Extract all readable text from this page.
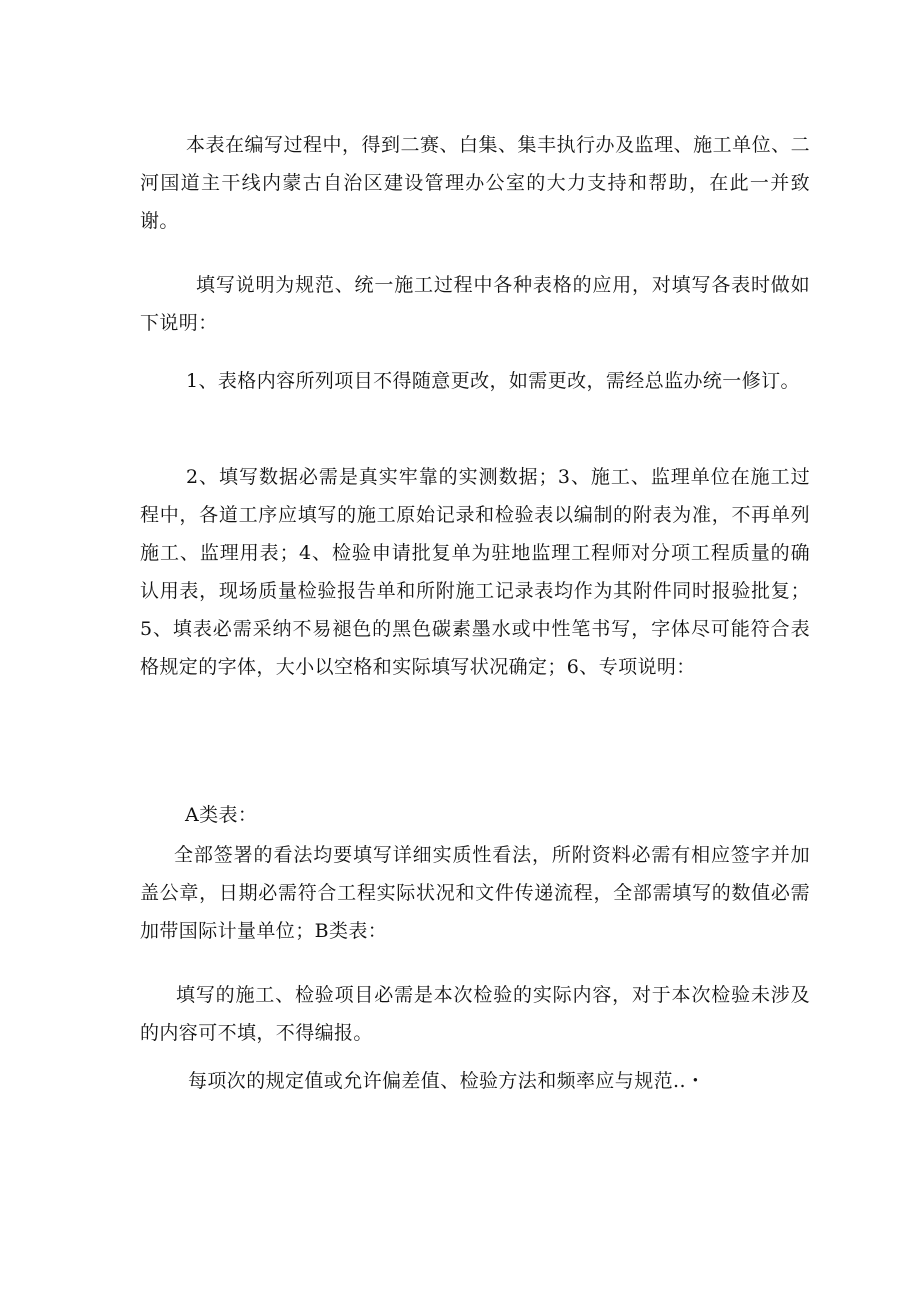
本表在编写过程中，得到二赛、白集、集丰执行办及监理、施工单位、二河国道主干线内蒙古自治区建设管理办公室的大力支持和帮助，在此一并致谢。

填写说明为规范、统一施工过程中各种表格的应用，对填写各表时做如下说明：

1、表格内容所列项目不得随意更改，如需更改，需经总监办统一修订。

2、填写数据必需是真实牢靠的实测数据；3、施工、监理单位在施工过程中，各道工序应填写的施工原始记录和检验表以编制的附表为准，不再单列施工、监理用表；4、检验申请批复单为驻地监理工程师对分项工程质量的确认用表，现场质量检验报告单和所附施工记录表均作为其附件同时报验批复；5、填表必需采纳不易褪色的黑色碳素墨水或中性笔书写，字体尽可能符合表格规定的字体，大小以空格和实际填写状况确定；6、专项说明：

A类表：

全部签署的看法均要填写详细实质性看法，所附资料必需有相应签字并加盖公章，日期必需符合工程实际状况和文件传递流程，全部需填写的数值必需加带国际计量单位；B类表：

填写的施工、检验项目必需是本次检验的实际内容，对于本次检验未涉及的内容可不填，不得编报。

每项次的规定值或允许偏差值、检验方法和频率应与规范..・
